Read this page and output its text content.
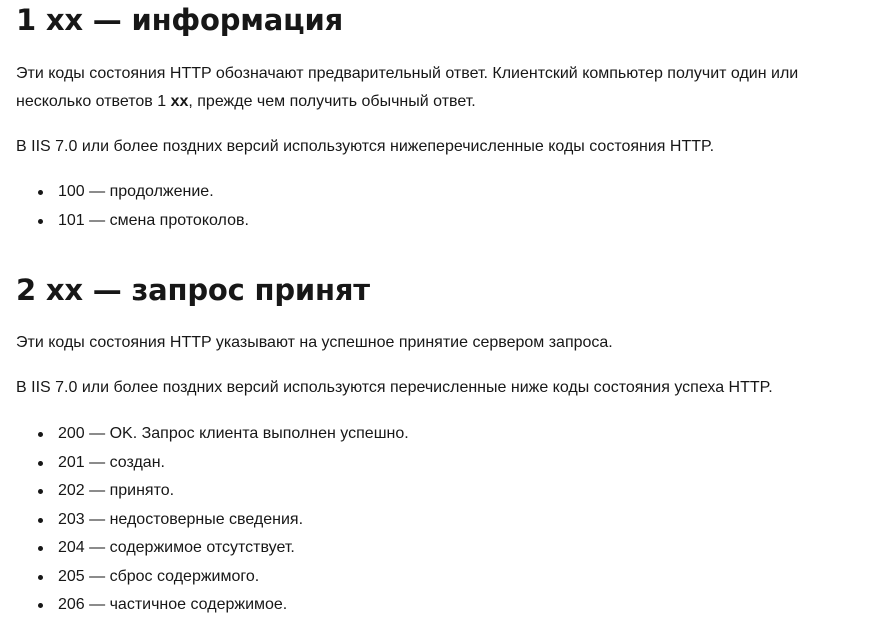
1 xx — информация

Эти коды состояния HTTP обозначают предварительный ответ. Клиентский компьютер получит один или
несколько ответов 1 xx, прежде чем получить обычный ответ.

В IIS 7.0 или более поздних версий используются нижеперечисленные коды состояния HTTP.

100 — продолжение.
101 — смена протоколов.
2 xx — запрос принят

Эти коды состояния HTTP указывают на успешное принятие сервером запроса.

В IIS 7.0 или более поздних версий используются перечисленные ниже коды состояния успеха HTTP.

200 — OK. Запрос клиента выполнен успешно.
201 — создан.
202 — принято.
203 — недостоверные сведения.
204 — содержимое отсутствует.
205 — сброс содержимого.
206 — частичное содержимое.
